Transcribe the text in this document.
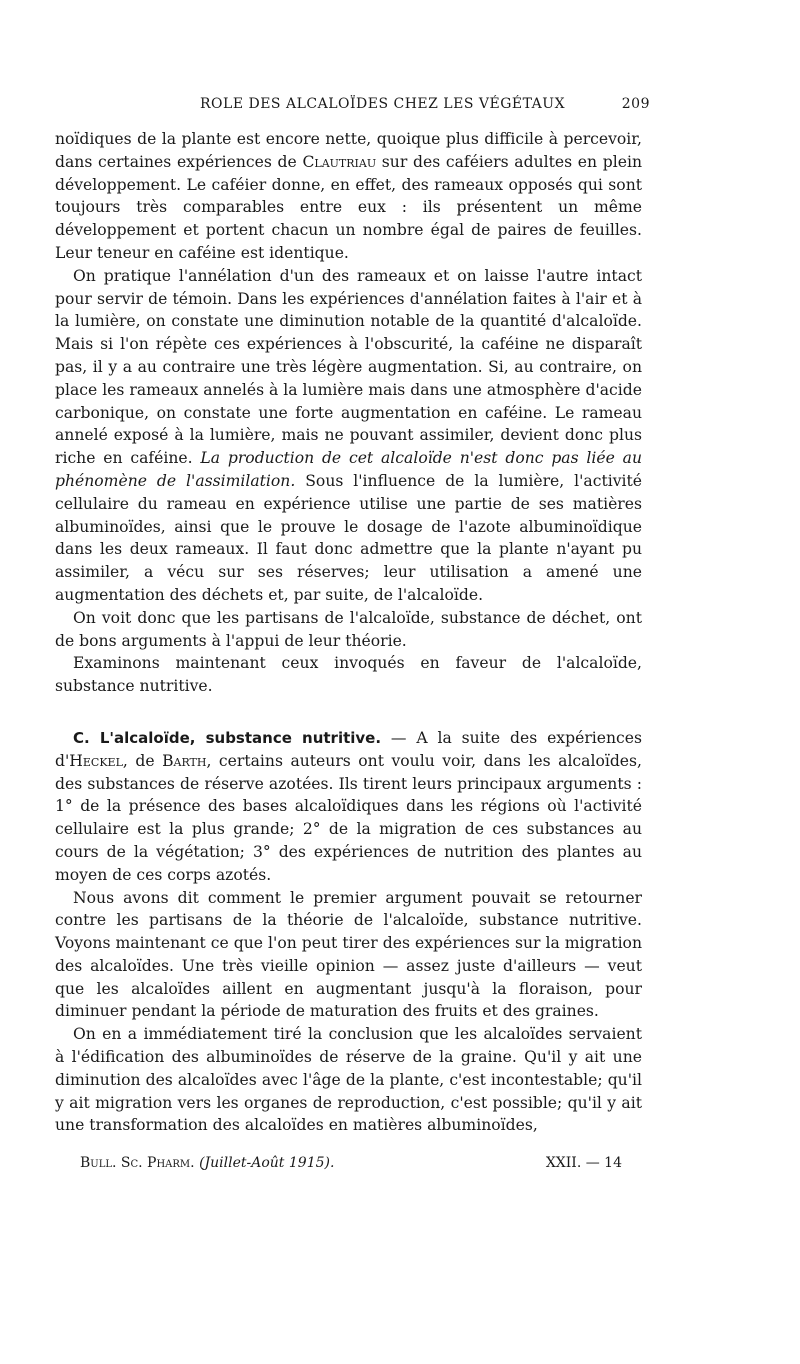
ROLE DES ALCALOÏDES CHEZ LES VÉGÉTAUX	209

noïdiques de la plante est encore nette, quoique plus difficile à percevoir, dans certaines expériences de Clautriau sur des caféiers adultes en plein développement. Le caféier donne, en effet, des rameaux opposés qui sont toujours très comparables entre eux : ils présentent un même développement et portent chacun un nombre égal de paires de feuilles. Leur teneur en caféine est identique.

On pratique l'annélation d'un des rameaux et on laisse l'autre intact pour servir de témoin. Dans les expériences d'annélation faites à l'air et à la lumière, on constate une diminution notable de la quantité d'alcaloïde. Mais si l'on répète ces expériences à l'obscurité, la caféine ne disparaît pas, il y a au contraire une très légère augmentation. Si, au contraire, on place les rameaux annelés à la lumière mais dans une atmosphère d'acide carbonique, on constate une forte augmentation en caféine. Le rameau annelé exposé à la lumière, mais ne pouvant assimiler, devient donc plus riche en caféine. La production de cet alcaloïde n'est donc pas liée au phénomène de l'assimilation. Sous l'influence de la lumière, l'activité cellulaire du rameau en expérience utilise une partie de ses matières albuminoïdes, ainsi que le prouve le dosage de l'azote albuminoïdique dans les deux rameaux. Il faut donc admettre que la plante n'ayant pu assimiler, a vécu sur ses réserves; leur utilisation a amené une augmentation des déchets et, par suite, de l'alcaloïde.

On voit donc que les partisans de l'alcaloïde, substance de déchet, ont de bons arguments à l'appui de leur théorie.

Examinons maintenant ceux invoqués en faveur de l'alcaloïde, substance nutritive.

C. L'alcaloïde, substance nutritive. — A la suite des expériences d'Heckel, de Barth, certains auteurs ont voulu voir, dans les alcaloïdes, des substances de réserve azotées. Ils tirent leurs principaux arguments : 1° de la présence des bases alcaloïdiques dans les régions où l'activité cellulaire est la plus grande; 2° de la migration de ces substances au cours de la végétation; 3° des expériences de nutrition des plantes au moyen de ces corps azotés.

Nous avons dit comment le premier argument pouvait se retourner contre les partisans de la théorie de l'alcaloïde, substance nutritive. Voyons maintenant ce que l'on peut tirer des expériences sur la migration des alcaloïdes. Une très vieille opinion — assez juste d'ailleurs — veut que les alcaloïdes aillent en augmentant jusqu'à la floraison, pour diminuer pendant la période de maturation des fruits et des graines.

On en a immédiatement tiré la conclusion que les alcaloïdes servaient à l'édification des albuminoïdes de réserve de la graine. Qu'il y ait une diminution des alcaloïdes avec l'âge de la plante, c'est incontestable; qu'il y ait migration vers les organes de reproduction, c'est possible; qu'il y ait une transformation des alcaloïdes en matières albuminoïdes,

Bull. Sc. Pharm. (Juillet-Août 1915).	XXII. — 14
